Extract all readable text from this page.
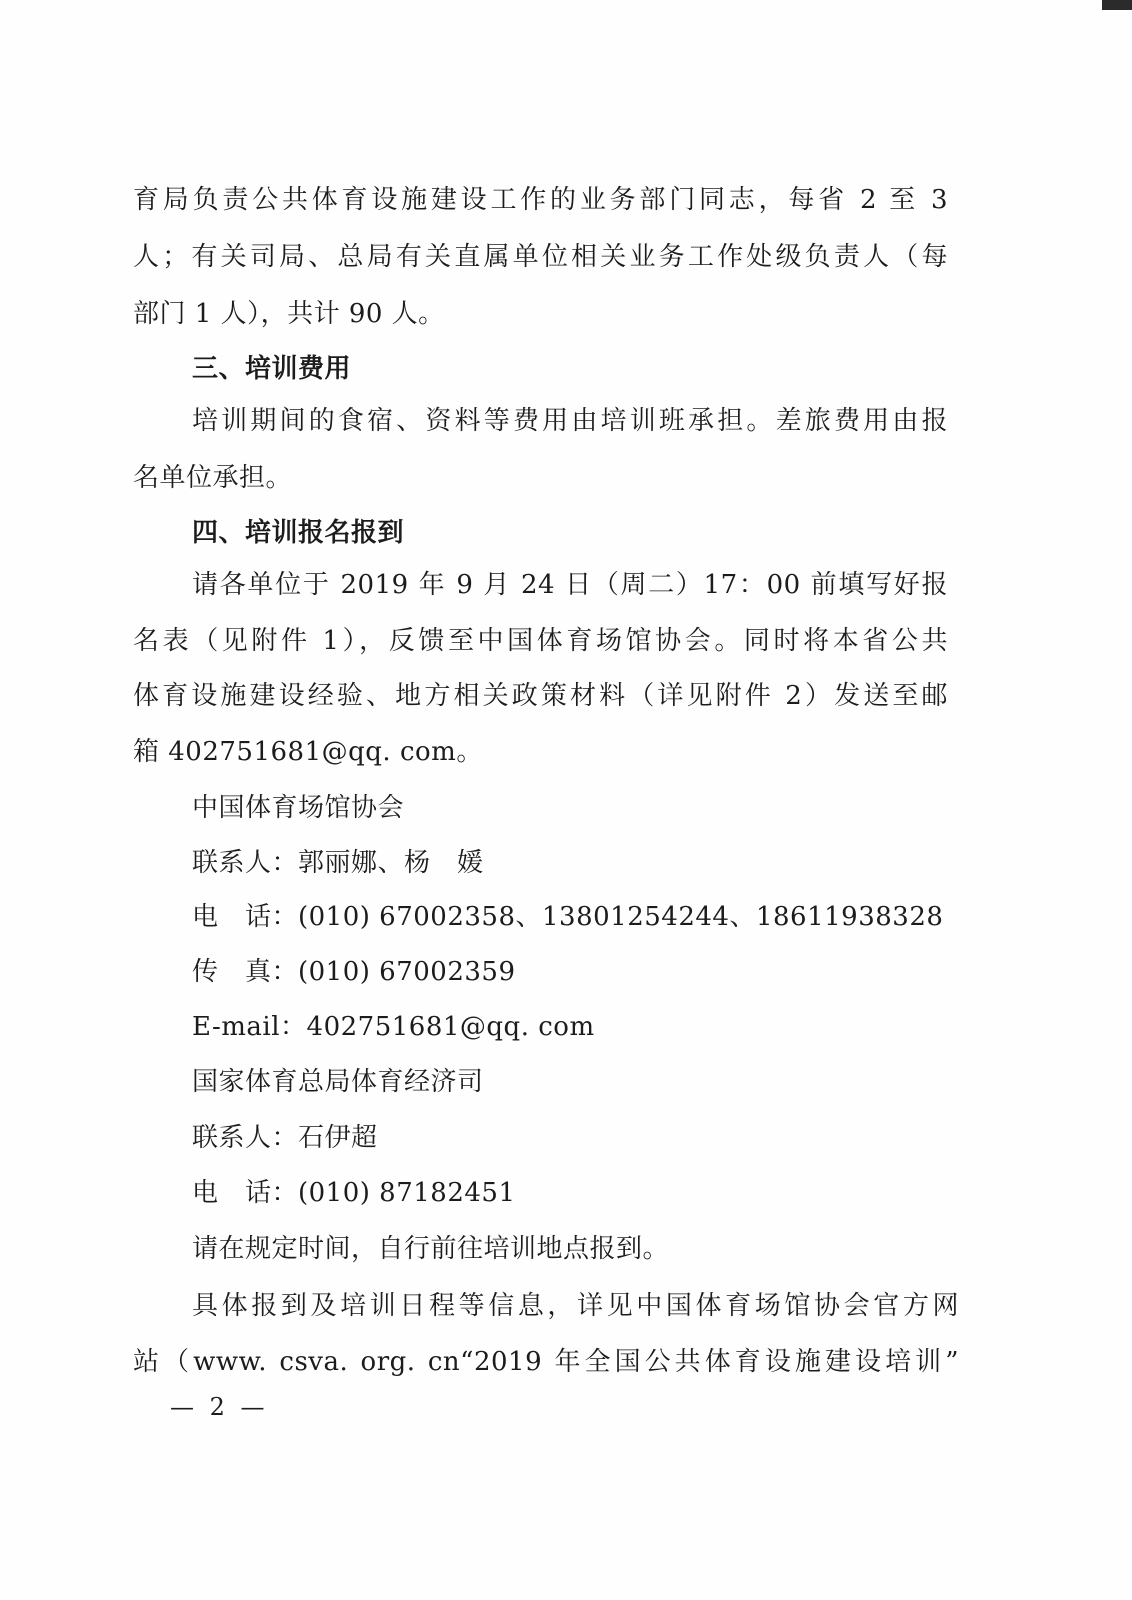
育局负责公共体育设施建设工作的业务部门同志，每省 2 至 3
人；有关司局、总局有关直属单位相关业务工作处级负责人（每
部门 1 人），共计 90 人。
三、培训费用
培训期间的食宿、资料等费用由培训班承担。差旅费用由报
名单位承担。
四、培训报名报到
请各单位于 2019 年 9 月 24 日（周二）17：00 前填写好报
名表（见附件 1），反馈至中国体育场馆协会。同时将本省公共
体育设施建设经验、地方相关政策材料（详见附件 2）发送至邮
箱 402751681@qq. com。
中国体育场馆协会
联系人：郭丽娜、杨　媛
电　话：(010) 67002358、13801254244、18611938328
传　真：(010) 67002359
E-mail：402751681@qq. com
国家体育总局体育经济司
联系人：石伊超
电　话：(010) 87182451
请在规定时间，自行前往培训地点报到。
具体报到及培训日程等信息，详见中国体育场馆协会官方网
站（www. csva. org. cn“2019 年全国公共体育设施建设培训”
— 2 —
